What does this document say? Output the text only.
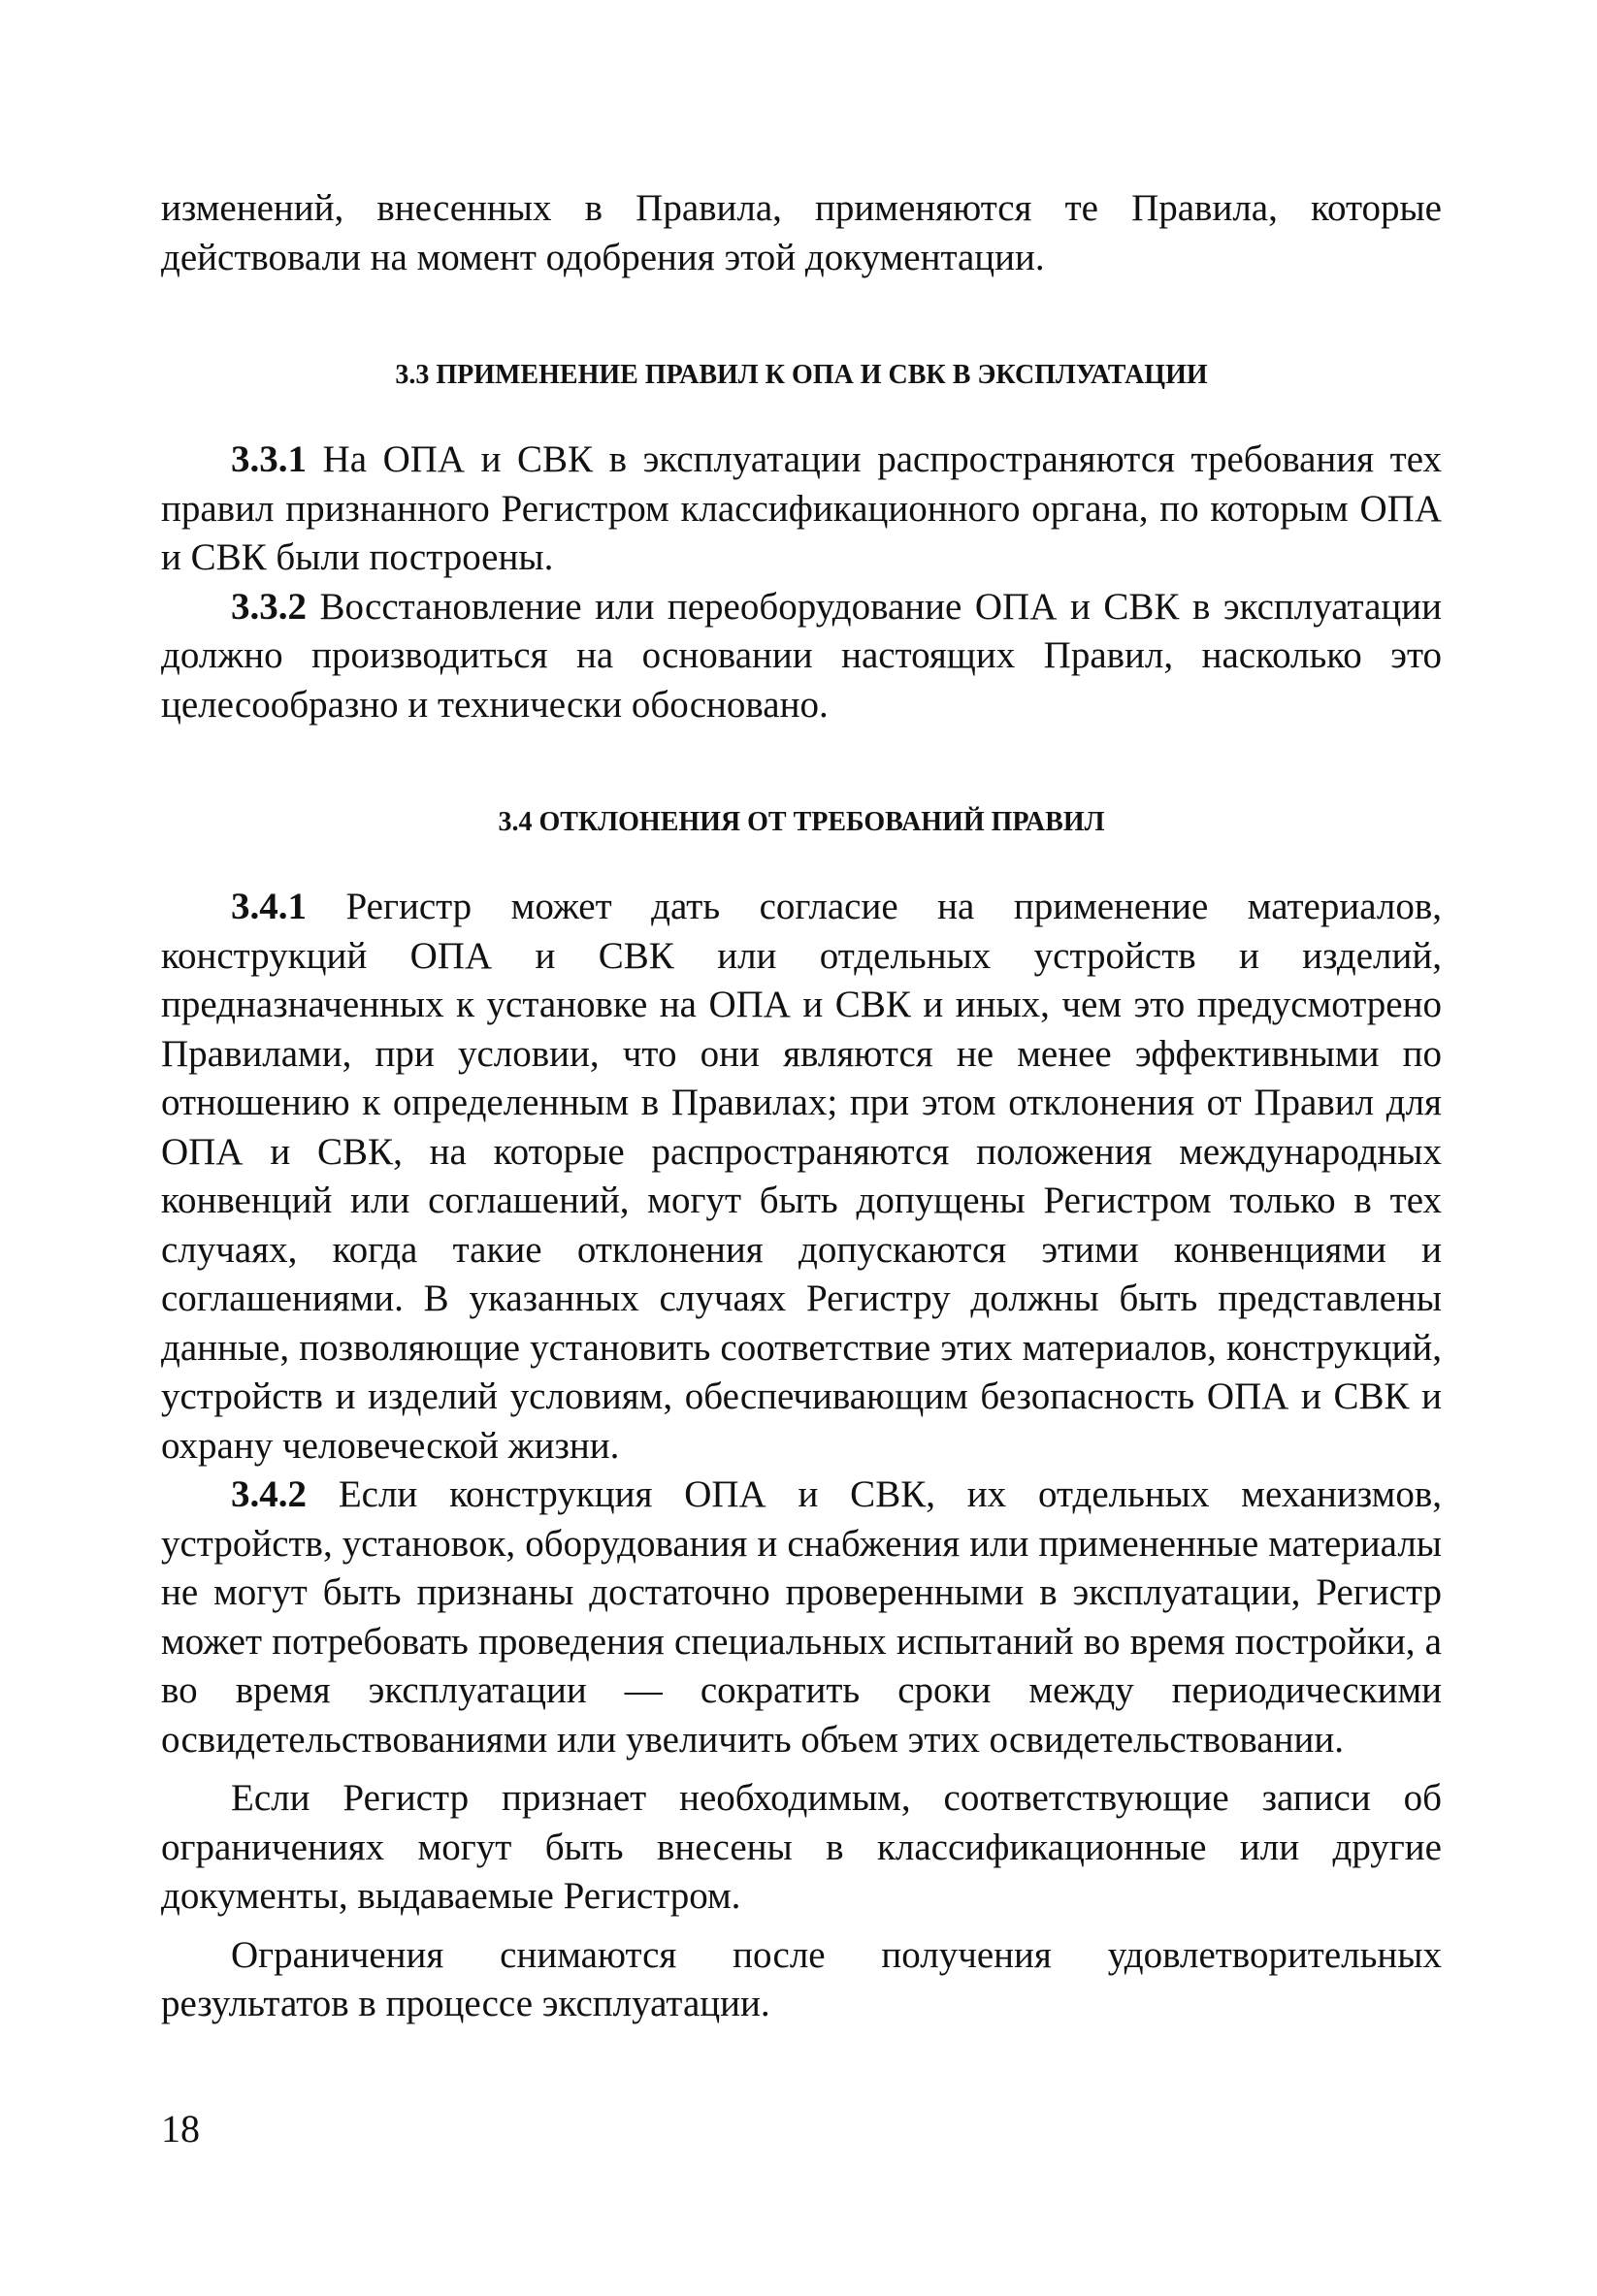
изменений, внесенных в Правила, применяются те Правила, которые действовали на момент одобрения этой документации.

3.3 ПРИМЕНЕНИЕ ПРАВИЛ К ОПА И СВК В ЭКСПЛУАТАЦИИ

3.3.1 На ОПА и СВК в эксплуатации распространяются требования тех правил признанного Регистром классификационного органа, по которым ОПА и СВК были построены.

3.3.2 Восстановление или переоборудование ОПА и СВК в эксплуатации должно производиться на основании настоящих Правил, насколько это целесообразно и технически обосновано.

3.4 ОТКЛОНЕНИЯ ОТ ТРЕБОВАНИЙ ПРАВИЛ

3.4.1 Регистр может дать согласие на применение материалов, конструкций ОПА и СВК или отдельных устройств и изделий, предназначенных к установке на ОПА и СВК и иных, чем это предусмотрено Правилами, при условии, что они являются не менее эффективными по отношению к определенным в Правилах; при этом отклонения от Правил для ОПА и СВК, на которые распространяются положения международных конвенций или соглашений, могут быть допущены Регистром только в тех случаях, когда такие отклонения допускаются этими конвенциями и соглашениями. В указанных случаях Регистру должны быть представлены данные, позволяющие установить соответствие этих материалов, конструкций, устройств и изделий условиям, обеспечивающим безопасность ОПА и СВК и охрану человеческой жизни.

3.4.2 Если конструкция ОПА и СВК, их отдельных механизмов, устройств, установок, оборудования и снабжения или примененные материалы не могут быть признаны достаточно проверенными в эксплуатации, Регистр может потребовать проведения специальных испытаний во время постройки, а во время эксплуатации — сократить сроки между периодическими освидетельствованиями или увеличить объем этих освидетельствовании.

Если Регистр признает необходимым, соответствующие записи об ограничениях могут быть внесены в классификационные или другие документы, выдаваемые Регистром.

Ограничения снимаются после получения удовлетворительных результатов в процессе эксплуатации.

18
